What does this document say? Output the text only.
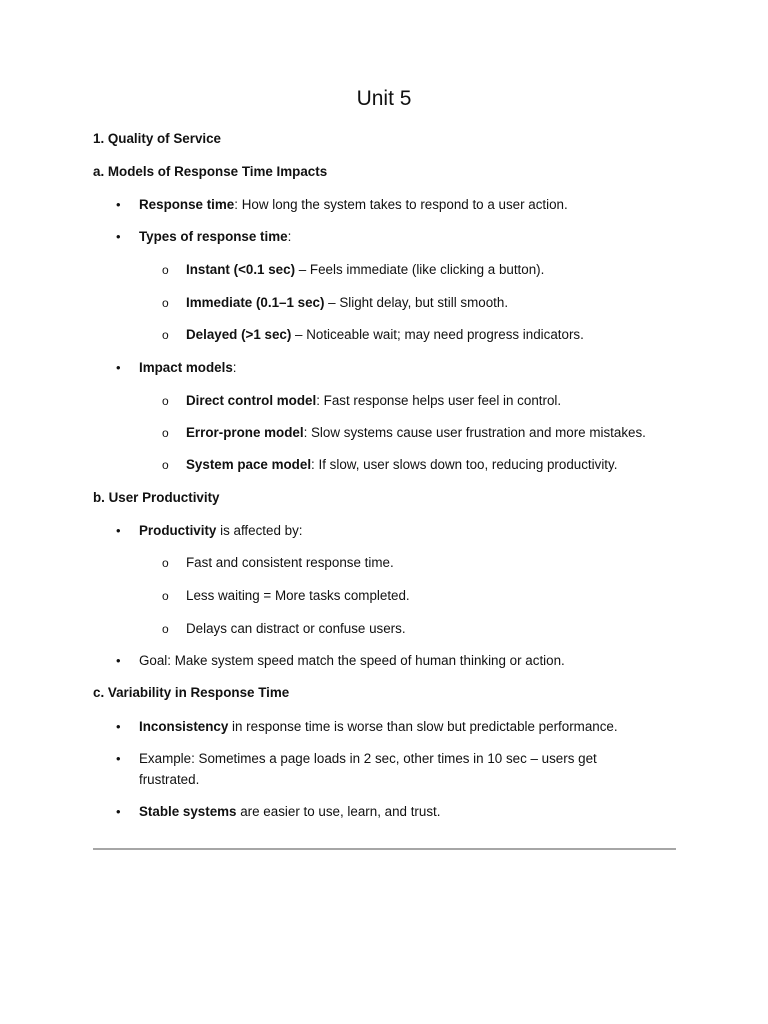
Unit 5
1. Quality of Service
a. Models of Response Time Impacts
• Response time: How long the system takes to respond to a user action.
• Types of response time:
o Instant (<0.1 sec) – Feels immediate (like clicking a button).
o Immediate (0.1–1 sec) – Slight delay, but still smooth.
o Delayed (>1 sec) – Noticeable wait; may need progress indicators.
• Impact models:
o Direct control model: Fast response helps user feel in control.
o Error-prone model: Slow systems cause user frustration and more mistakes.
o System pace model: If slow, user slows down too, reducing productivity.
b. User Productivity
• Productivity is affected by:
o Fast and consistent response time.
o Less waiting = More tasks completed.
o Delays can distract or confuse users.
• Goal: Make system speed match the speed of human thinking or action.
c. Variability in Response Time
• Inconsistency in response time is worse than slow but predictable performance.
• Example: Sometimes a page loads in 2 sec, other times in 10 sec – users get
frustrated.
• Stable systems are easier to use, learn, and trust.
